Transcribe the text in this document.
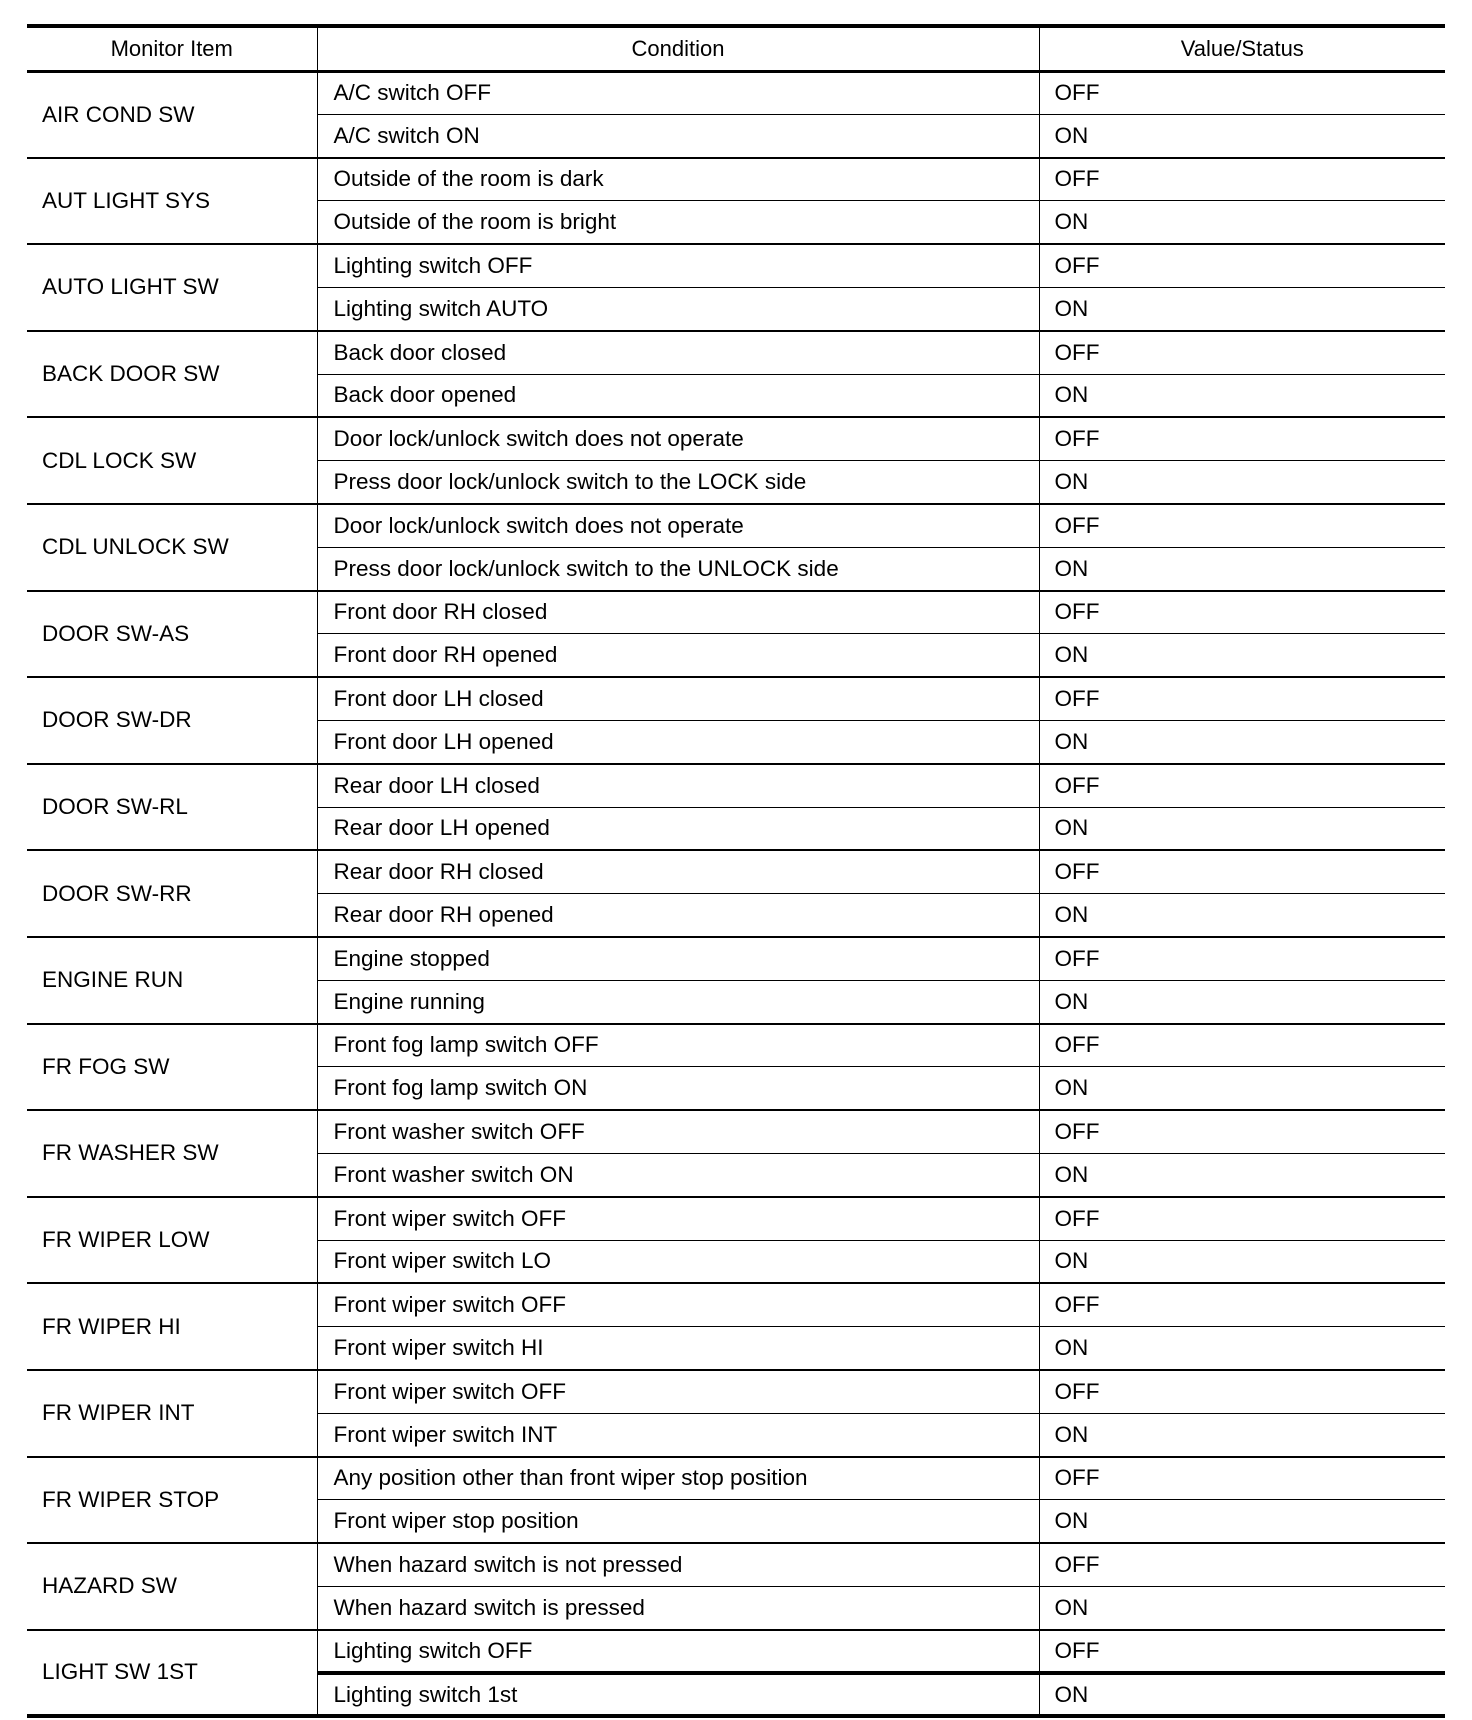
Monitor Item	Condition	Value/Status
AIR COND SW	A/C switch OFF	OFF
	A/C switch ON	ON
AUT LIGHT SYS	Outside of the room is dark	OFF
	Outside of the room is bright	ON
AUTO LIGHT SW	Lighting switch OFF	OFF
	Lighting switch AUTO	ON
BACK DOOR SW	Back door closed	OFF
	Back door opened	ON
CDL LOCK SW	Door lock/unlock switch does not operate	OFF
	Press door lock/unlock switch to the LOCK side	ON
CDL UNLOCK SW	Door lock/unlock switch does not operate	OFF
	Press door lock/unlock switch to the UNLOCK side	ON
DOOR SW-AS	Front door RH closed	OFF
	Front door RH opened	ON
DOOR SW-DR	Front door LH closed	OFF
	Front door LH opened	ON
DOOR SW-RL	Rear door LH closed	OFF
	Rear door LH opened	ON
DOOR SW-RR	Rear door RH closed	OFF
	Rear door RH opened	ON
ENGINE RUN	Engine stopped	OFF
	Engine running	ON
FR FOG SW	Front fog lamp switch OFF	OFF
	Front fog lamp switch ON	ON
FR WASHER SW	Front washer switch OFF	OFF
	Front washer switch ON	ON
FR WIPER LOW	Front wiper switch OFF	OFF
	Front wiper switch LO	ON
FR WIPER HI	Front wiper switch OFF	OFF
	Front wiper switch HI	ON
FR WIPER INT	Front wiper switch OFF	OFF
	Front wiper switch INT	ON
FR WIPER STOP	Any position other than front wiper stop position	OFF
	Front wiper stop position	ON
HAZARD SW	When hazard switch is not pressed	OFF
	When hazard switch is pressed	ON
LIGHT SW 1ST	Lighting switch OFF	OFF
	Lighting switch 1st	ON
